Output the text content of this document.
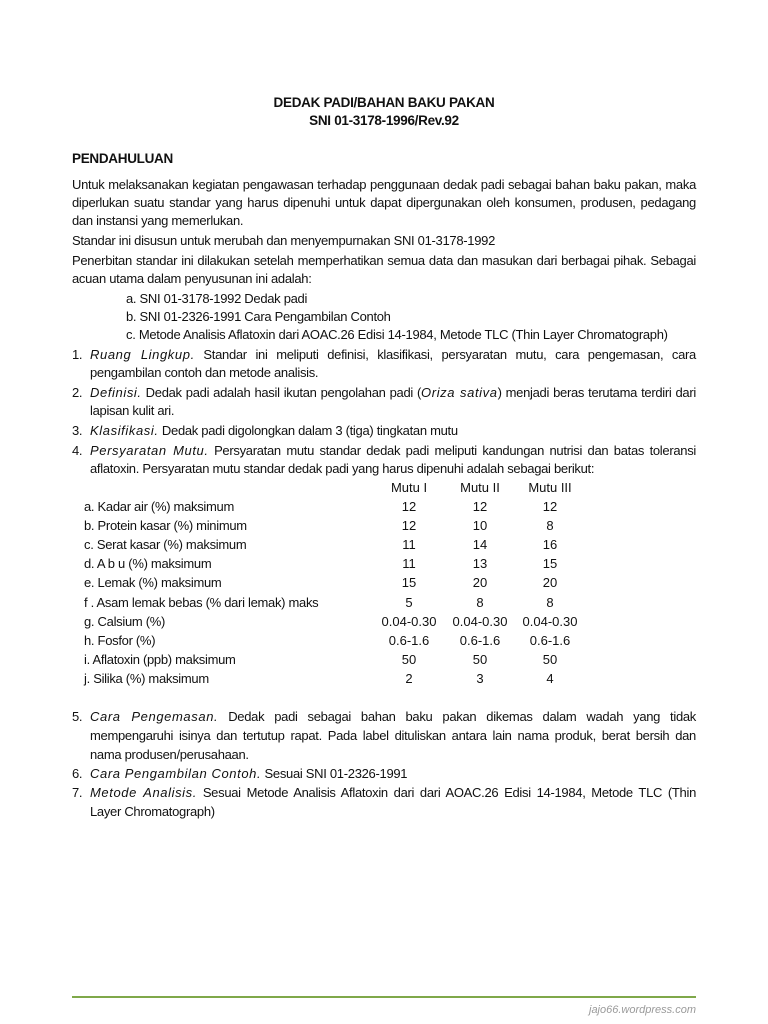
DEDAK PADI/BAHAN BAKU PAKAN
SNI 01-3178-1996/Rev.92
PENDAHULUAN
Untuk melaksanakan kegiatan pengawasan terhadap penggunaan dedak padi sebagai bahan baku pakan, maka
diperlukan suatu standar yang harus dipenuhi untuk dapat dipergunakan oleh konsumen, produsen, pedagang
dan instansi yang memerlukan.
Standar ini disusun untuk merubah dan menyempurnakan SNI 01-3178-1992
Penerbitan standar ini dilakukan setelah memperhatikan semua data dan masukan dari berbagai pihak. Sebagai
acuan utama dalam penyusunan ini adalah:
a. SNI 01-3178-1992 Dedak padi
b. SNI 01-2326-1991 Cara Pengambilan Contoh
c. Metode Analisis Aflatoxin dari AOAC.26 Edisi 14-1984, Metode TLC (Thin Layer Chromatograph)
1. Ruang Lingkup. Standar ini meliputi definisi, klasifikasi, persyaratan mutu, cara pengemasan, cara
pengambilan contoh dan metode analisis.
2. Definisi. Dedak padi adalah hasil ikutan pengolahan padi (Oriza sativa) menjadi beras terutama terdiri dari
lapisan kulit ari.
3. Klasifikasi. Dedak padi digolongkan dalam 3 (tiga) tingkatan mutu
4. Persyaratan Mutu. Persyaratan mutu standar dedak padi meliputi kandungan nutrisi dan batas toleransi
aflatoxin. Persyaratan mutu standar dedak padi yang harus dipenuhi adalah sebagai berikut:
Mutu I	Mutu II	Mutu III
a. Kadar air (%) maksimum	12	12	12
b. Protein kasar (%) minimum	12	10	8
c. Serat kasar (%) maksimum	11	14	16
d. A b u (%) maksimum	11	13	15
e. Lemak (%) maksimum	15	20	20
f . Asam lemak bebas (% dari lemak) maks	5	8	8
g. Calsium (%)	0.04-0.30	0.04-0.30	0.04-0.30
h. Fosfor (%)	0.6-1.6	0.6-1.6	0.6-1.6
i. Aflatoxin (ppb) maksimum	50	50	50
j. Silika (%) maksimum	2	3	4
5. Cara Pengemasan. Dedak padi sebagai bahan baku pakan dikemas dalam wadah yang tidak
mempengaruhi isinya dan tertutup rapat. Pada label dituliskan antara lain nama produk, berat bersih dan
nama produsen/perusahaan.
6. Cara Pengambilan Contoh. Sesuai SNI 01-2326-1991
7. Metode Analisis. Sesuai Metode Analisis Aflatoxin dari dari AOAC.26 Edisi 14-1984, Metode TLC (Thin
Layer Chromatograph)
jajo66.wordpress.com
